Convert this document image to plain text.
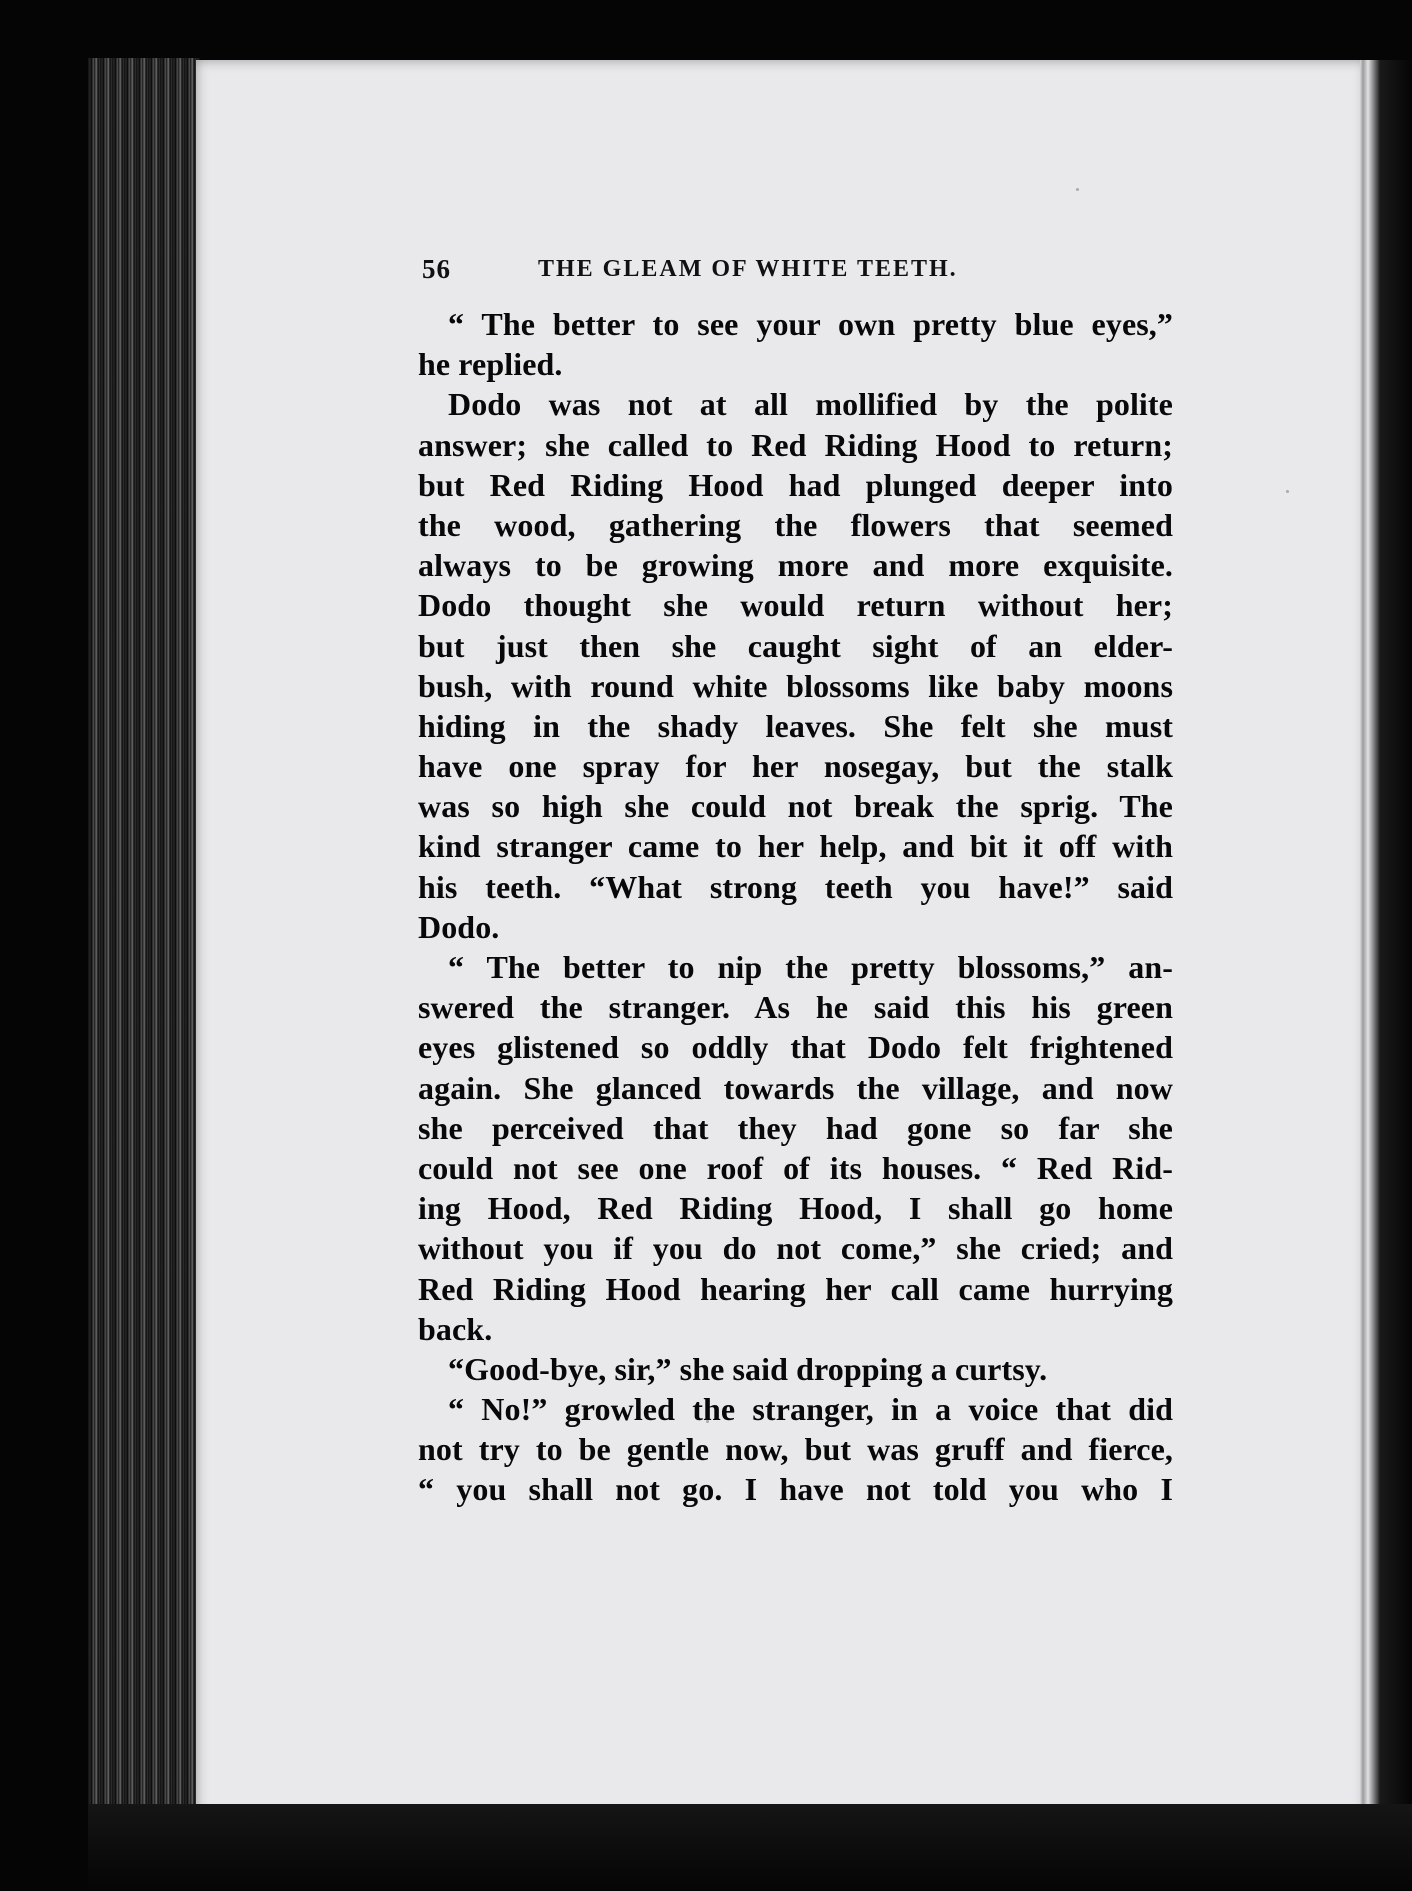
56	THE GLEAM OF WHITE TEETH.
“ The better to see your own pretty blue eyes,”
he replied.
Dodo was not at all mollified by the polite
answer; she called to Red Riding Hood to return;
but Red Riding Hood had plunged deeper into
the wood, gathering the flowers that seemed
always to be growing more and more exquisite.
Dodo thought she would return without her;
but just then she caught sight of an elder-
bush, with round white blossoms like baby moons
hiding in the shady leaves. She felt she must
have one spray for her nosegay, but the stalk
was so high she could not break the sprig. The
kind stranger came to her help, and bit it off with
his teeth. “What strong teeth you have!” said
Dodo.
“ The better to nip the pretty blossoms,” an-
swered the stranger. As he said this his green
eyes glistened so oddly that Dodo felt frightened
again. She glanced towards the village, and now
she perceived that they had gone so far she
could not see one roof of its houses. “ Red Rid-
ing Hood, Red Riding Hood, I shall go home
without you if you do not come,” she cried; and
Red Riding Hood hearing her call came hurrying
back.
“Good-bye, sir,” she said dropping a curtsy.
“ No!” growled the stranger, in a voice that did
not try to be gentle now, but was gruff and fierce,
“ you shall not go. I have not told you who I
